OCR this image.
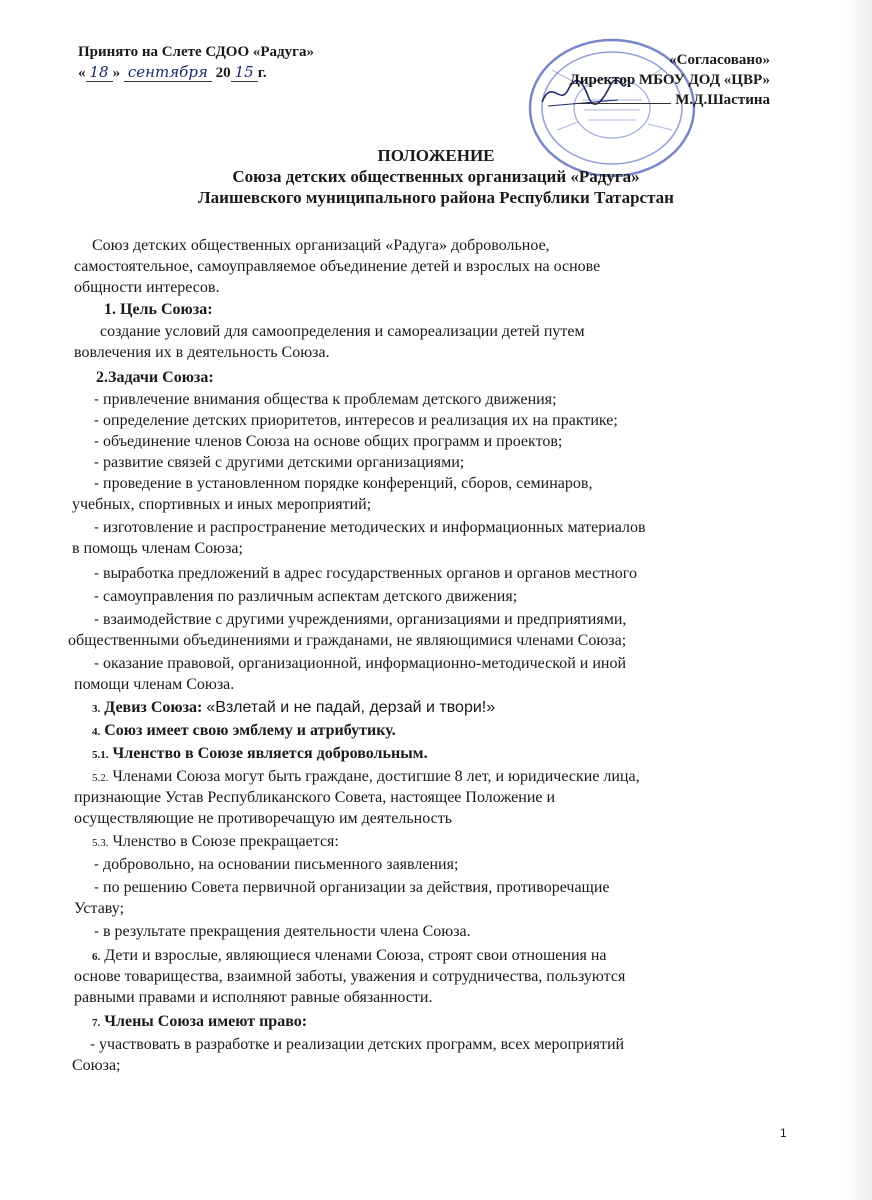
Принято на Слете СДОО «Радуга»
« 18 » сентября 20 15 г.
«Согласовано»
Директор МБОУ ДОД «ЦВР»
М.Д.Шастина
ПОЛОЖЕНИЕ
Союза детских общественных организаций «Радуга»
Лаишевского муниципального района Республики Татарстан
Союз детских общественных организаций «Радуга» добровольное,
самостоятельное, самоуправляемое объединение детей и взрослых на основе
общности интересов.
1. Цель Союза:
создание условий для самоопределения и самореализации детей путем
вовлечения их в деятельность Союза.
2.Задачи Союза:
- привлечение внимания общества к проблемам детского движения;
- определение детских приоритетов, интересов и реализация их на практике;
- объединение членов Союза на основе общих программ и проектов;
- развитие связей с другими детскими организациями;
- проведение в установленном порядке конференций, сборов, семинаров,
учебных, спортивных и иных мероприятий;
- изготовление и распространение методических и информационных материалов
в помощь членам Союза;
- выработка предложений в адрес государственных органов и органов местного
- самоуправления по различным аспектам детского движения;
- взаимодействие с другими учреждениями, организациями и предприятиями,
общественными объединениями и гражданами, не являющимися членами Союза;
- оказание правовой, организационной, информационно-методической и иной
помощи членам Союза.
3. Девиз Союза: «Взлетай и не падай, дерзай и твори!»
4. Союз имеет свою эмблему и атрибутику.
5.1. Членство в Союзе является добровольным.
5.2. Членами Союза могут быть граждане, достигшие 8 лет, и юридические лица,
признающие Устав Республиканского Совета, настоящее Положение и
осуществляющие не противоречащую им деятельность
5.3. Членство в Союзе прекращается:
- добровольно, на основании письменного заявления;
- по решению Совета первичной организации за действия, противоречащие
Уставу;
- в результате прекращения деятельности члена Союза.
6. Дети и взрослые, являющиеся членами Союза, строят свои отношения на
основе товарищества, взаимной заботы, уважения и сотрудничества, пользуются
равными правами и исполняют равные обязанности.
7. Члены Союза имеют право:
- участвовать в разработке и реализации детских программ, всех мероприятий
Союза;
1
